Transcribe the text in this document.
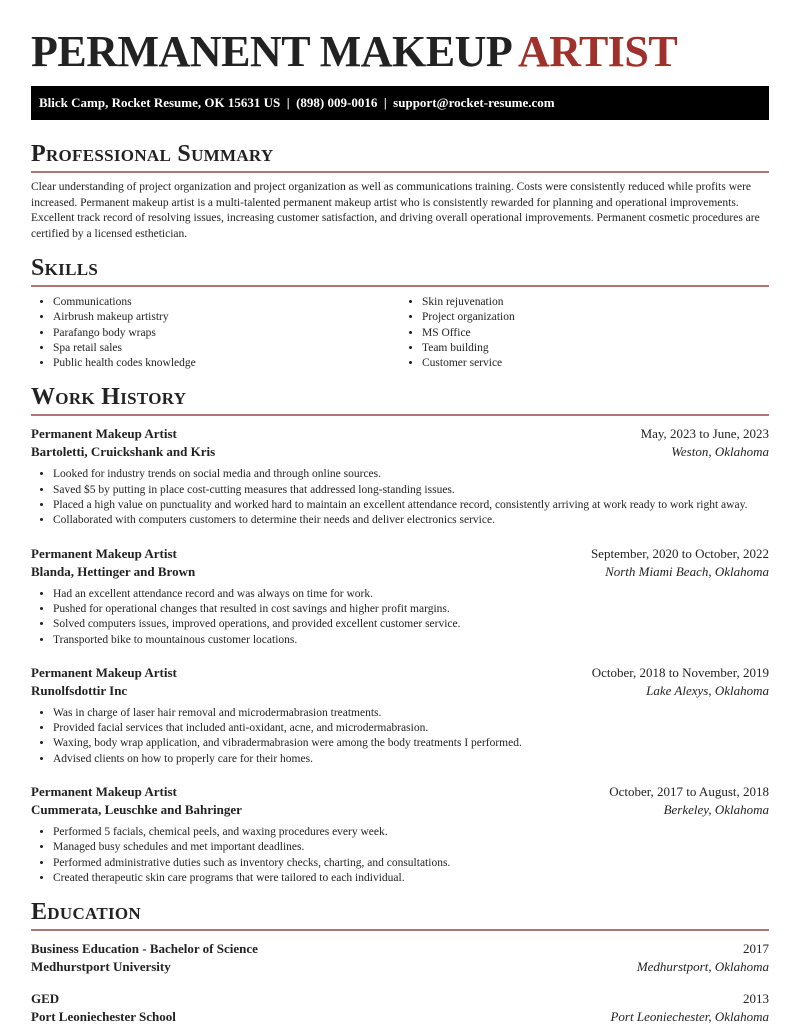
PERMANENT MAKEUP ARTIST
Blick Camp, Rocket Resume, OK 15631 US  |  (898) 009-0016  |  support@rocket-resume.com
Professional Summary
Clear understanding of project organization and project organization as well as communications training. Costs were consistently reduced while profits were increased. Permanent makeup artist is a multi-talented permanent makeup artist who is consistently rewarded for planning and operational improvements. Excellent track record of resolving issues, increasing customer satisfaction, and driving overall operational improvements. Permanent cosmetic procedures are certified by a licensed esthetician.
Skills
• Communications
• Airbrush makeup artistry
• Parafango body wraps
• Spa retail sales
• Public health codes knowledge
• Skin rejuvenation
• Project organization
• MS Office
• Team building
• Customer service
Work History
Permanent Makeup Artist	May, 2023 to June, 2023
Bartoletti, Cruickshank and Kris	Weston, Oklahoma
• Looked for industry trends on social media and through online sources.
• Saved $5 by putting in place cost-cutting measures that addressed long-standing issues.
• Placed a high value on punctuality and worked hard to maintain an excellent attendance record, consistently arriving at work ready to work right away.
• Collaborated with computers customers to determine their needs and deliver electronics service.
Permanent Makeup Artist	September, 2020 to October, 2022
Blanda, Hettinger and Brown	North Miami Beach, Oklahoma
• Had an excellent attendance record and was always on time for work.
• Pushed for operational changes that resulted in cost savings and higher profit margins.
• Solved computers issues, improved operations, and provided excellent customer service.
• Transported bike to mountainous customer locations.
Permanent Makeup Artist	October, 2018 to November, 2019
Runolfsdottir Inc	Lake Alexys, Oklahoma
• Was in charge of laser hair removal and microdermabrasion treatments.
• Provided facial services that included anti-oxidant, acne, and microdermabrasion.
• Waxing, body wrap application, and vibradermabrasion were among the body treatments I performed.
• Advised clients on how to properly care for their homes.
Permanent Makeup Artist	October, 2017 to August, 2018
Cummerata, Leuschke and Bahringer	Berkeley, Oklahoma
• Performed 5 facials, chemical peels, and waxing procedures every week.
• Managed busy schedules and met important deadlines.
• Performed administrative duties such as inventory checks, charting, and consultations.
• Created therapeutic skin care programs that were tailored to each individual.
Education
Business Education - Bachelor of Science	2017
Medhurstport University	Medhurstport, Oklahoma
GED	2013
Port Leoniechester School	Port Leoniechester, Oklahoma
